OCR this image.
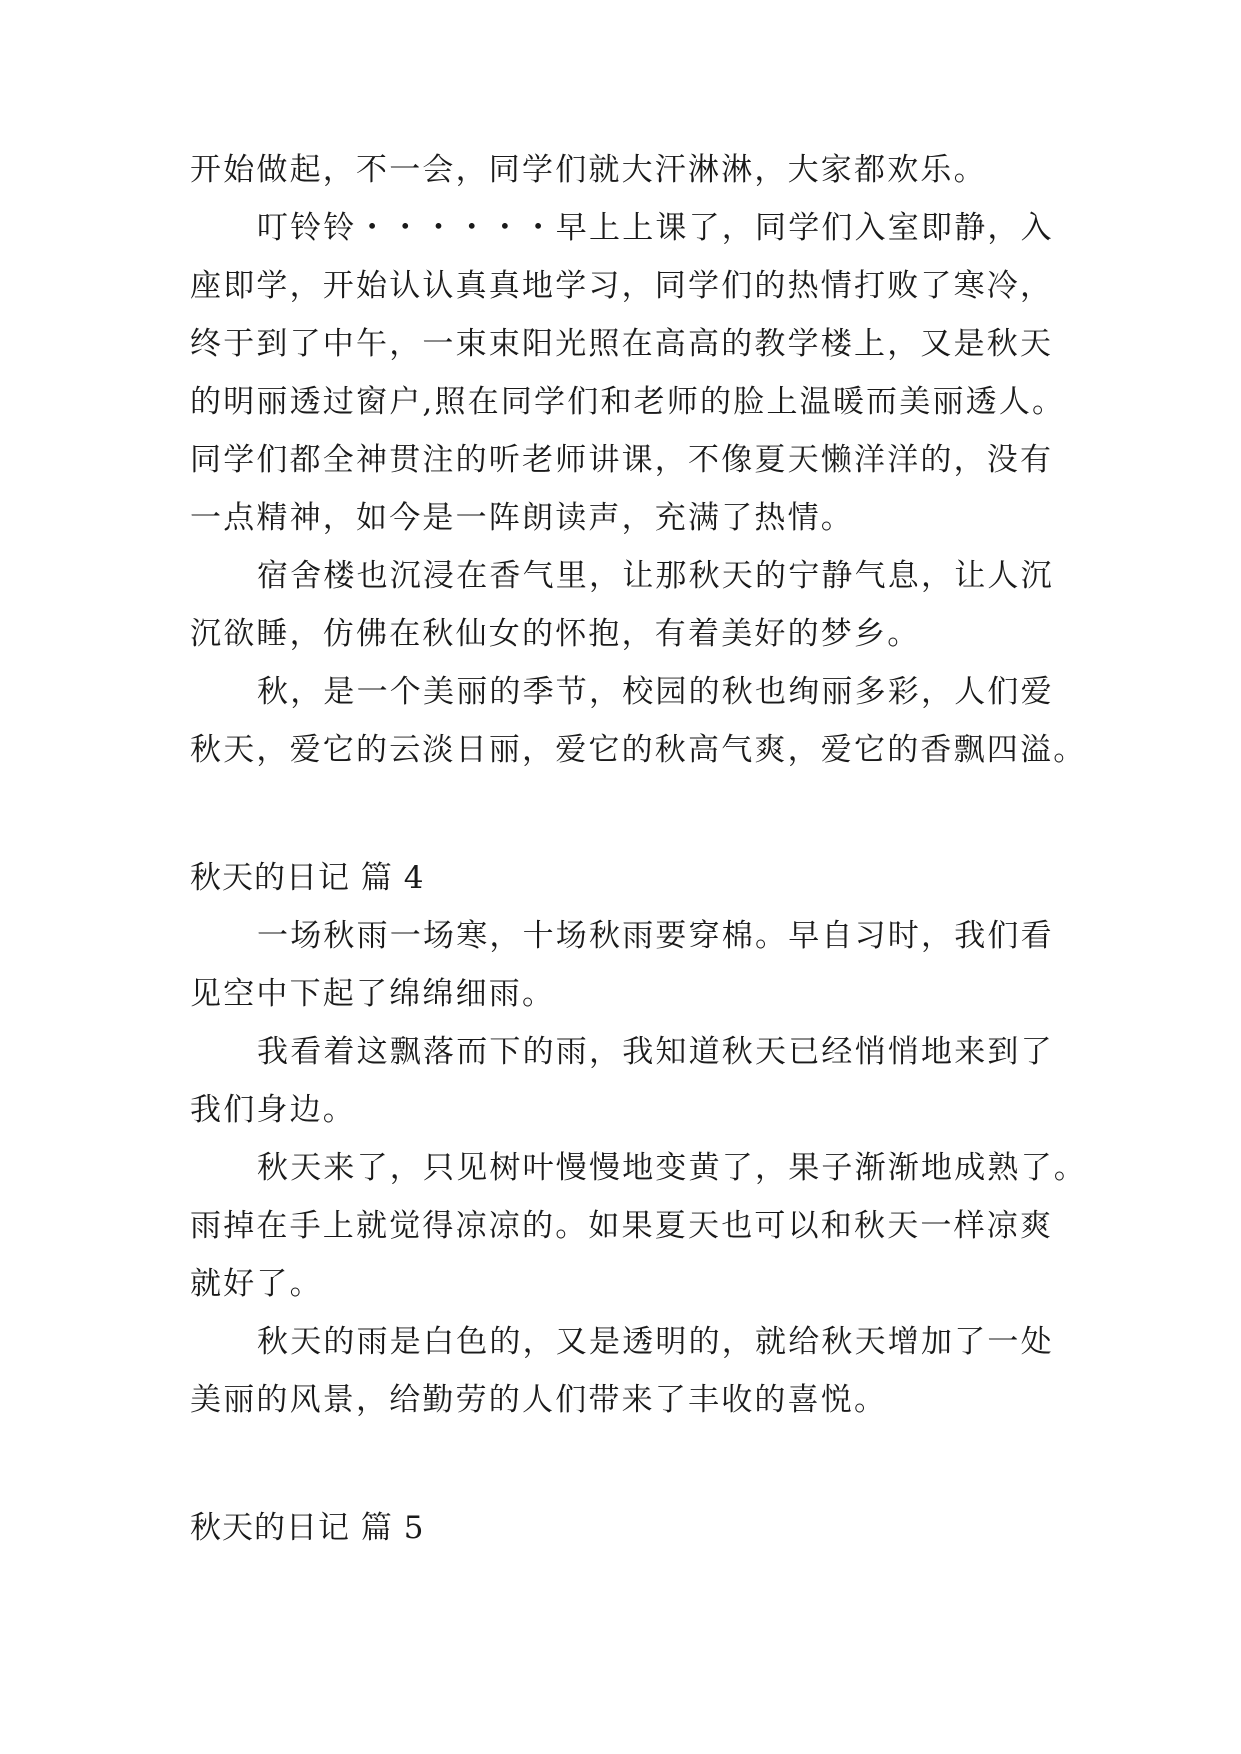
开始做起，不一会，同学们就大汗淋淋，大家都欢乐。
叮铃铃・・・・・・早上上课了，同学们入室即静，入
座即学，开始认认真真地学习，同学们的热情打败了寒冷，
终于到了中午，一束束阳光照在高高的教学楼上，又是秋天
的明丽透过窗户,照在同学们和老师的脸上温暖而美丽透人。
同学们都全神贯注的听老师讲课，不像夏天懒洋洋的，没有
一点精神，如今是一阵朗读声，充满了热情。
宿舍楼也沉浸在香气里，让那秋天的宁静气息，让人沉
沉欲睡，仿佛在秋仙女的怀抱，有着美好的梦乡。
秋，是一个美丽的季节，校园的秋也绚丽多彩，人们爱
秋天，爱它的云淡日丽，爱它的秋高气爽，爱它的香飘四溢。
秋天的日记 篇 4
一场秋雨一场寒，十场秋雨要穿棉。早自习时，我们看
见空中下起了绵绵细雨。
我看着这飘落而下的雨，我知道秋天已经悄悄地来到了
我们身边。
秋天来了，只见树叶慢慢地变黄了，果子渐渐地成熟了。
雨掉在手上就觉得凉凉的。如果夏天也可以和秋天一样凉爽
就好了。
秋天的雨是白色的，又是透明的，就给秋天增加了一处
美丽的风景，给勤劳的人们带来了丰收的喜悦。
秋天的日记 篇 5
